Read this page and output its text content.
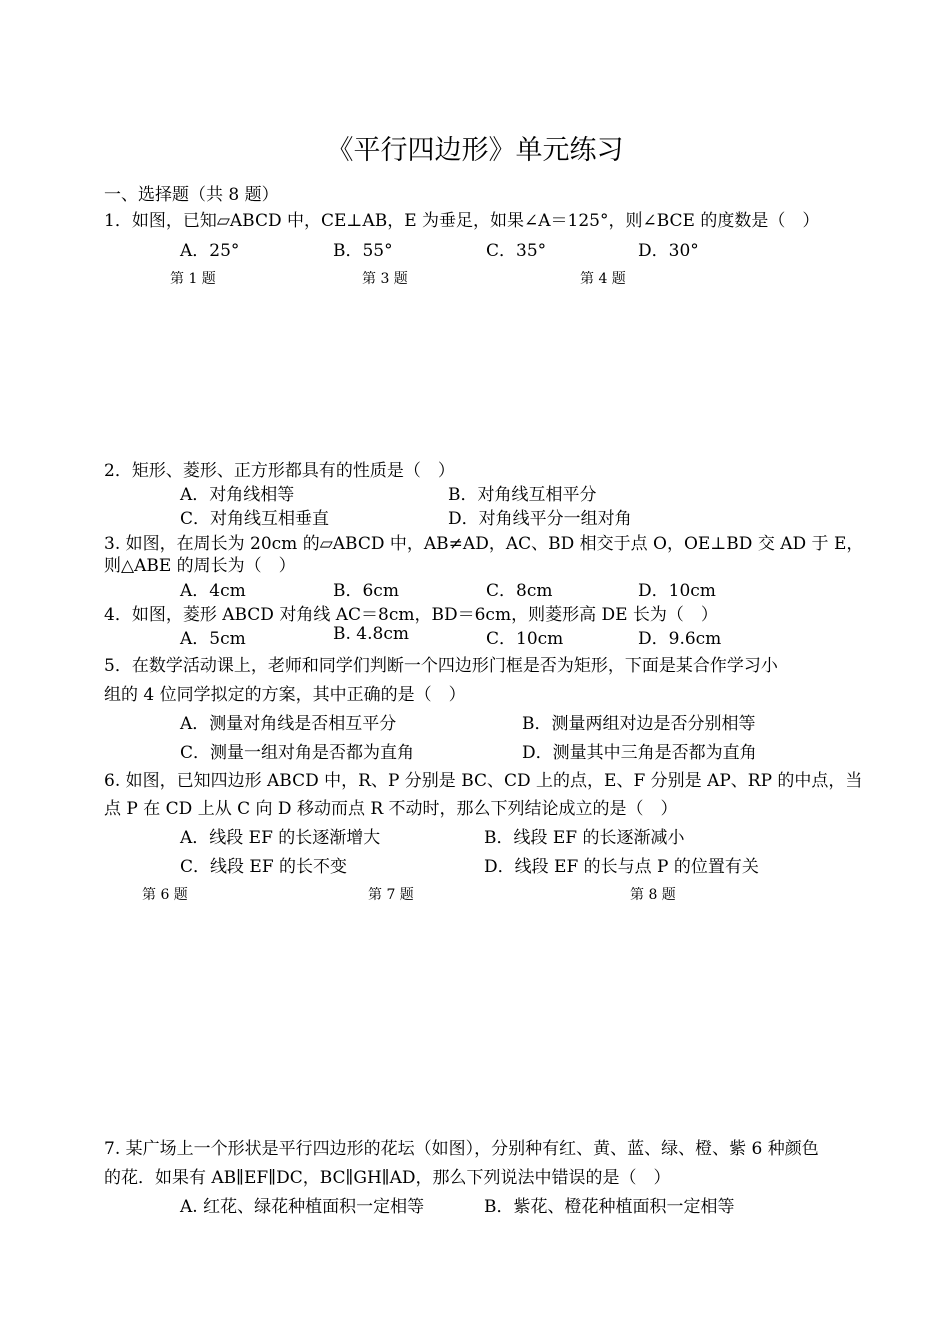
《平行四边形》单元练习
一、选择题（共 8 题）
1．如图，已知▱ABCD 中，CE⊥AB，E 为垂足，如果∠A＝125°，则∠BCE 的度数是（　）
A．25°	B．55°	C．35°	D．30°
第 1 题	第 3 题	第 4 题
2．矩形、菱形、正方形都具有的性质是（　）
A．对角线相等	B．对角线互相平分
C．对角线互相垂直	D．对角线平分一组对角
3. 如图，在周长为 20cm 的▱ABCD 中，AB≠AD，AC、BD 相交于点 O，OE⊥BD 交 AD 于 E，
则△ABE 的周长为（　）
A．4cm	B．6cm	C．8cm	D．10cm
4．如图，菱形 ABCD 对角线 AC＝8cm，BD＝6cm，则菱形高 DE 长为（　）
A．5cm	B. 4.8cm	C．10cm	D．9.6cm
5．在数学活动课上，老师和同学们判断一个四边形门框是否为矩形，下面是某合作学习小
组的 4 位同学拟定的方案，其中正确的是（　）
A．测量对角线是否相互平分	B．测量两组对边是否分别相等
C．测量一组对角是否都为直角	D．测量其中三角是否都为直角
6. 如图，已知四边形 ABCD 中，R、P 分别是 BC、CD 上的点，E、F 分别是 AP、RP 的中点，当
点 P 在 CD 上从 C 向 D 移动而点 R 不动时，那么下列结论成立的是（　）
A．线段 EF 的长逐渐增大	B．线段 EF 的长逐渐减小
C．线段 EF 的长不变	D．线段 EF 的长与点 P 的位置有关
第 6 题	第 7 题	第 8 题
7. 某广场上一个形状是平行四边形的花坛（如图），分别种有红、黄、蓝、绿、橙、紫 6 种颜色
的花．如果有 AB∥EF∥DC，BC∥GH∥AD，那么下列说法中错误的是（　）
A. 红花、绿花种植面积一定相等	B．紫花、橙花种植面积一定相等
